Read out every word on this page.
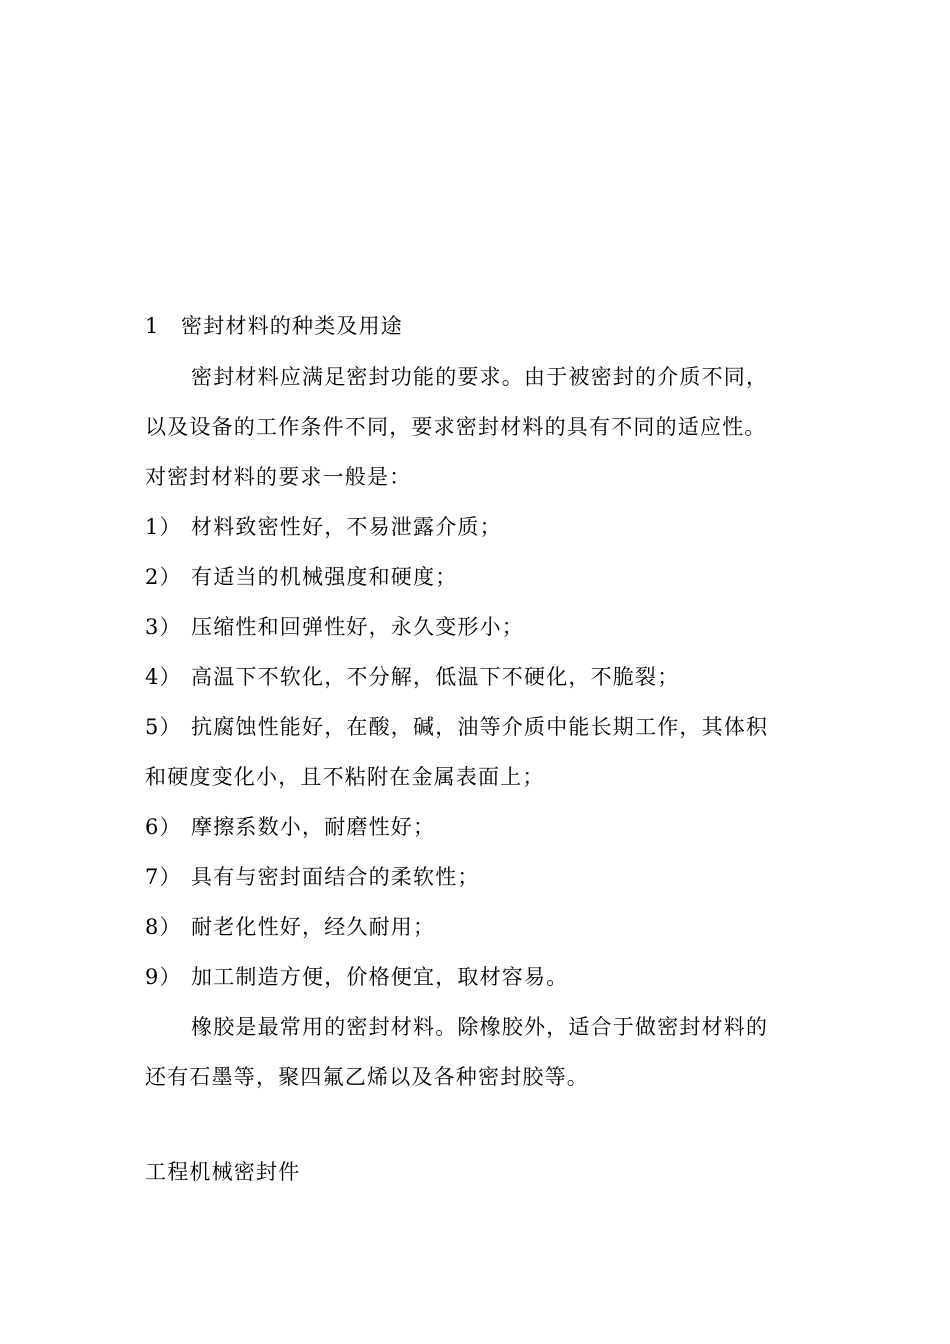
1 密封材料的种类及用途
密封材料应满足密封功能的要求。由于被密封的介质不同，
以及设备的工作条件不同，要求密封材料的具有不同的适应性。
对密封材料的要求一般是：
1） 材料致密性好，不易泄露介质；
2） 有适当的机械强度和硬度；
3） 压缩性和回弹性好，永久变形小；
4） 高温下不软化，不分解，低温下不硬化，不脆裂；
5） 抗腐蚀性能好，在酸，碱，油等介质中能长期工作，其体积
和硬度变化小，且不粘附在金属表面上；
6） 摩擦系数小，耐磨性好；
7） 具有与密封面结合的柔软性；
8） 耐老化性好，经久耐用；
9） 加工制造方便，价格便宜，取材容易。
橡胶是最常用的密封材料。除橡胶外，适合于做密封材料的
还有石墨等，聚四氟乙烯以及各种密封胶等。
工程机械密封件
